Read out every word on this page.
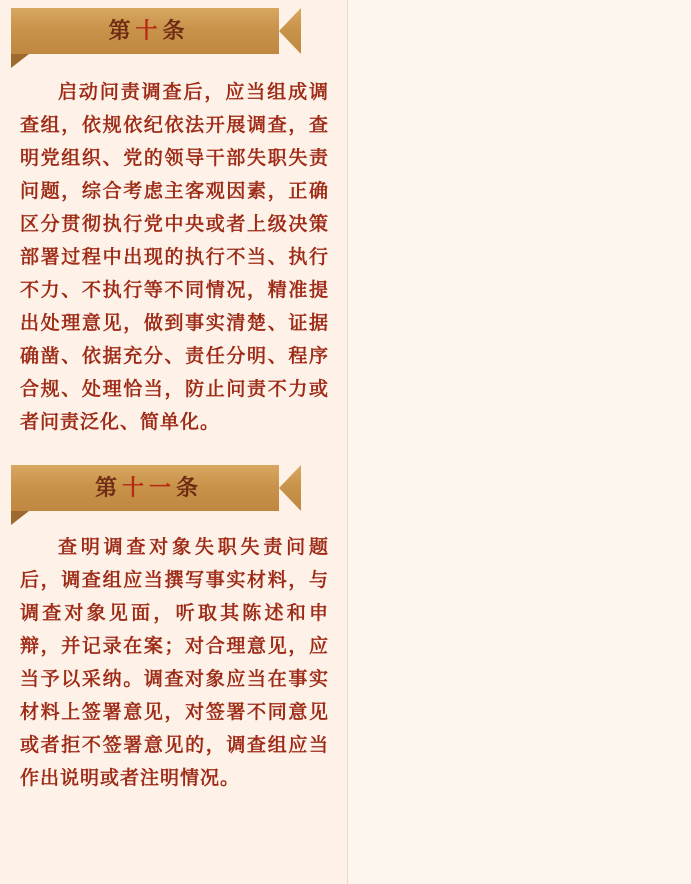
第十条

启动问责调查后，应当组成调查组，依规依纪依法开展调查，查明党组织、党的领导干部失职失责问题，综合考虑主客观因素，正确区分贯彻执行党中央或者上级决策部署过程中出现的执行不当、执行不力、不执行等不同情况，精准提出处理意见，做到事实清楚、证据确凿、依据充分、责任分明、程序合规、处理恰当，防止问责不力或者问责泛化、简单化。

第十一条

查明调查对象失职失责问题后，调查组应当撰写事实材料，与调查对象见面，听取其陈述和申辩，并记录在案；对合理意见，应当予以采纳。调查对象应当在事实材料上签署意见，对签署不同意见或者拒不签署意见的，调查组应当作出说明或者注明情况。
